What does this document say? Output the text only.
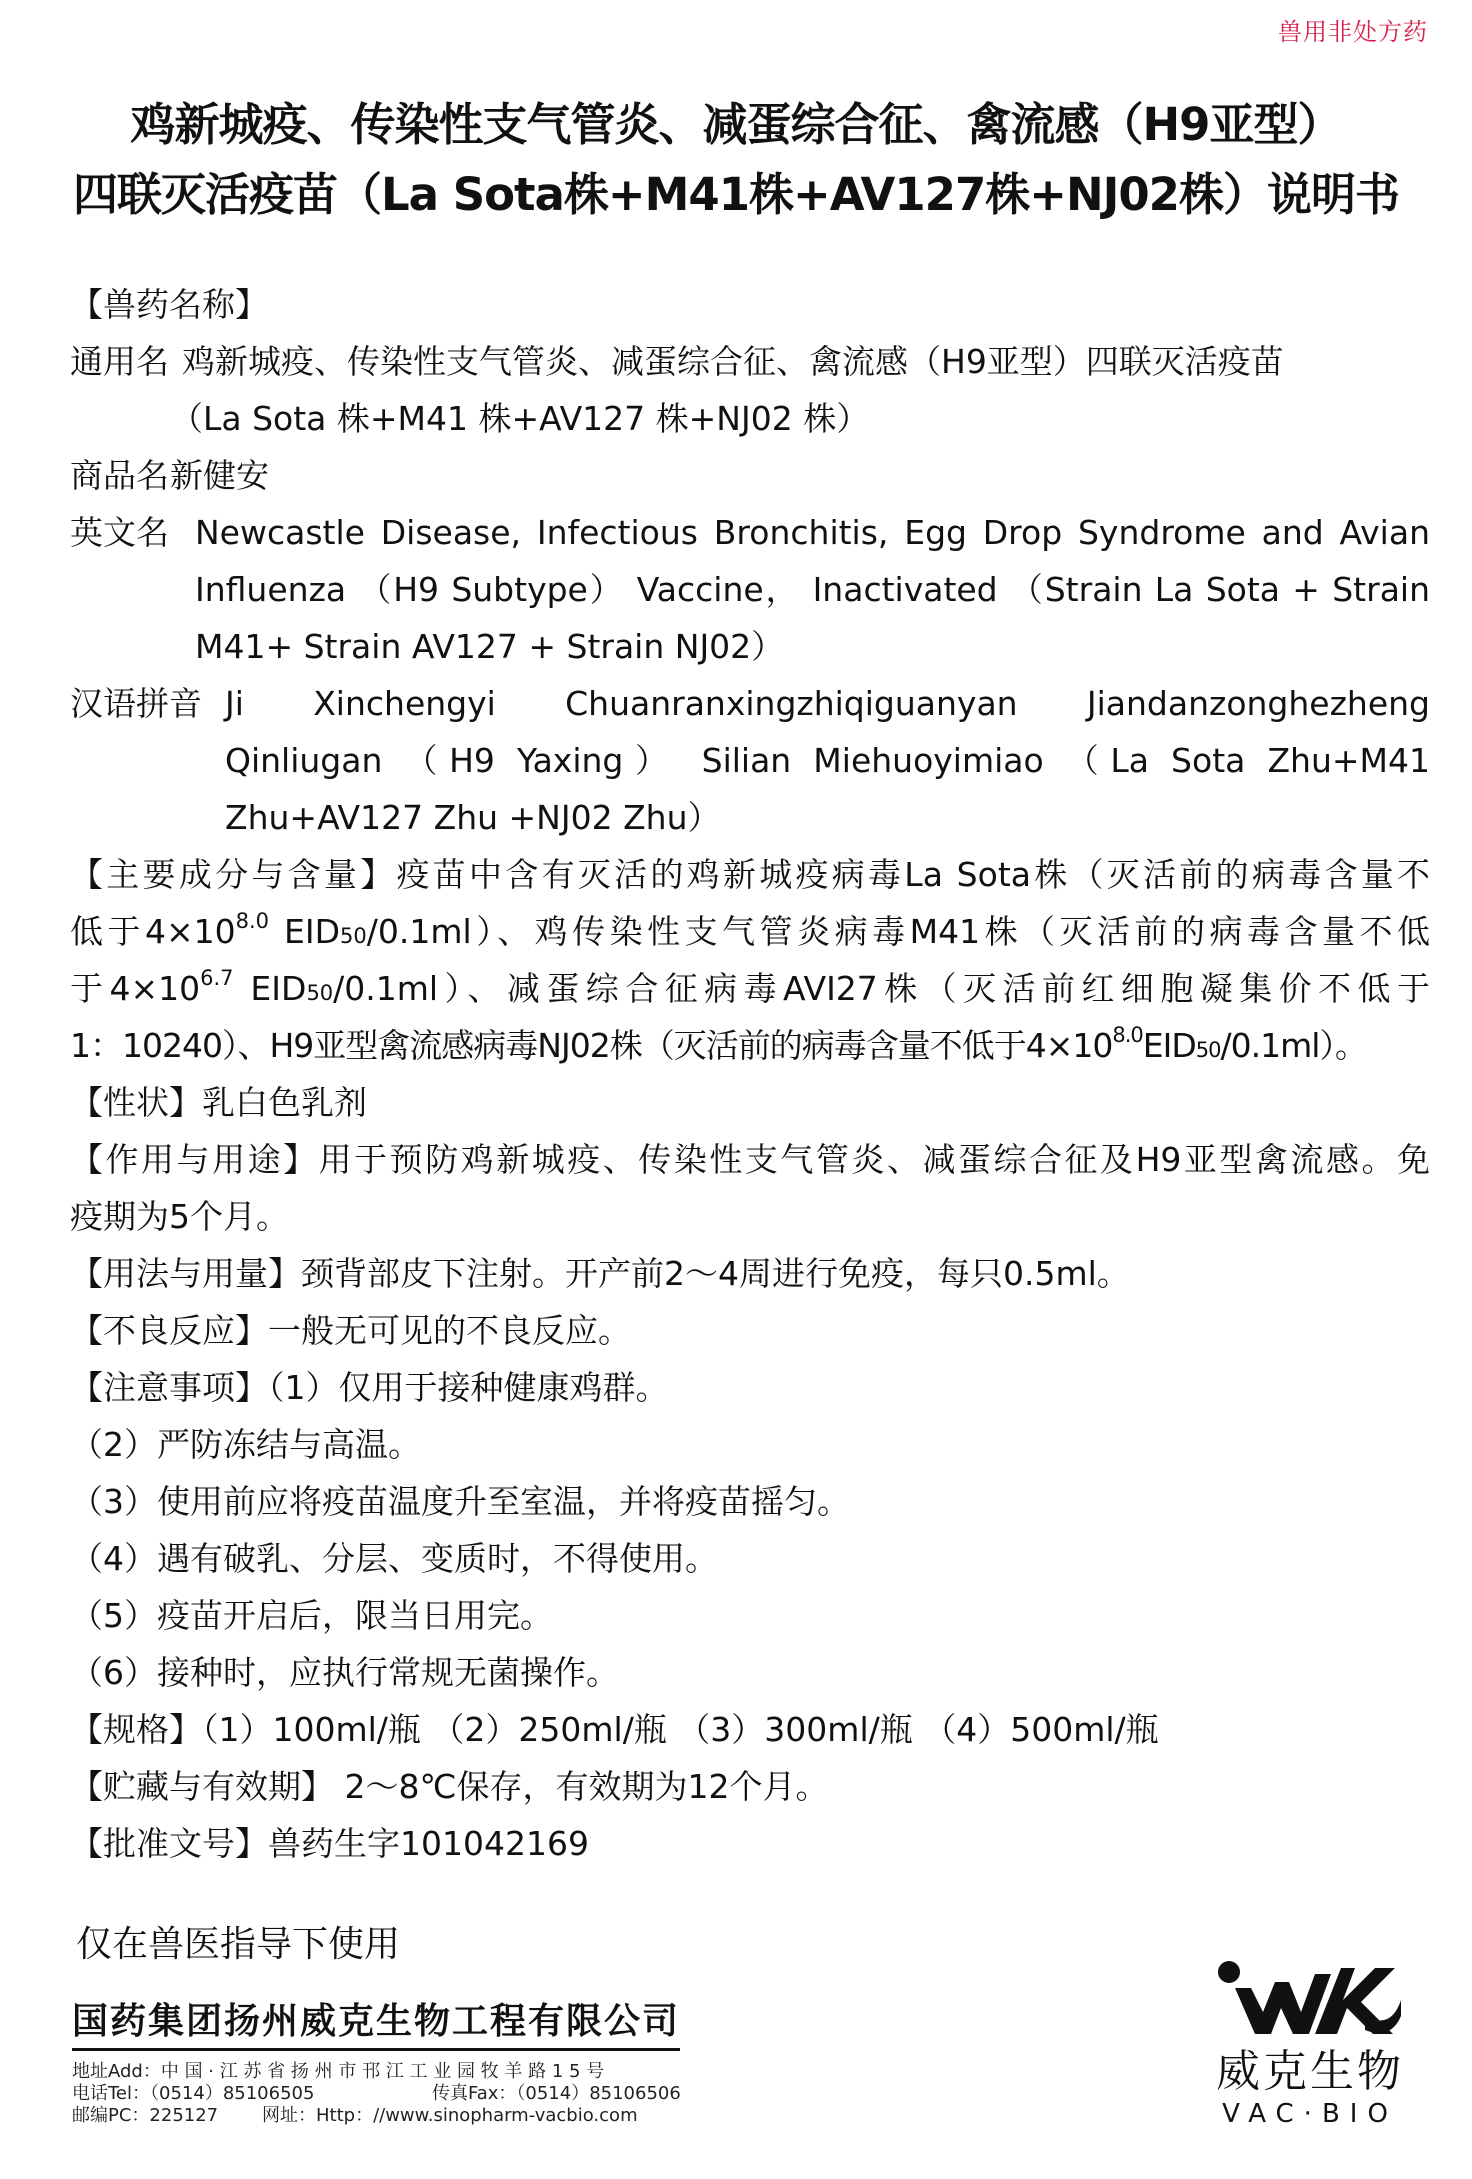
兽用非处方药
鸡新城疫、传染性支气管炎、减蛋综合征、禽流感（H9亚型）
四联灭活疫苗（La Sota株+M41株+AV127株+NJ02株）说明书
【兽药名称】
通用名 鸡新城疫、传染性支气管炎、减蛋综合征、禽流感（H9亚型）四联灭活疫苗
（La Sota 株+M41 株+AV127 株+NJ02 株）
商品名 新健安
英文名 Newcastle Disease, Infectious Bronchitis, Egg Drop Syndrome and Avian
Influenza （H9 Subtype） Vaccine， Inactivated （Strain La Sota + Strain
M41+ Strain AV127 + Strain NJ02）
汉语拼音 Ji Xinchengyi Chuanranxingzhiqiguanyan Jiandanzonghezheng
Qinliugan （H9 Yaxing） Silian Miehuoyimiao （La Sota Zhu+M41
Zhu+AV127 Zhu +NJ02 Zhu）
【主要成分与含量】疫苗中含有灭活的鸡新城疫病毒La Sota株（灭活前的病毒含量不
低于$4\times 10^{8.0}$ EID50/0.1ml）、鸡传染性支气管炎病毒M41株（灭活前的病毒含量不低
于$4\times 10^{6.7}$ EID50/0.1ml）、减蛋综合征病毒AVI27株（灭活前红细胞凝集价不低于
1：10240）、H9亚型禽流感病毒NJ02株（灭活前的病毒含量不低于$4\times 10^{8.0}EID50/0.1ml$）。
【性状】乳白色乳剂
【作用与用途】用于预防鸡新城疫、传染性支气管炎、减蛋综合征及H9亚型禽流感。免
疫期为5个月。
【用法与用量】颈背部皮下注射。开产前2～4周进行免疫，每只0.5ml。
【不良反应】一般无可见的不良反应。
【注意事项】（1）仅用于接种健康鸡群。
（2）严防冻结与高温。
（3）使用前应将疫苗温度升至室温，并将疫苗摇匀。
（4）遇有破乳、分层、变质时，不得使用。
（5）疫苗开启后，限当日用完。
（6）接种时，应执行常规无菌操作。
【规格】（1）100ml/瓶 （2）250ml/瓶 （3）300ml/瓶 （4）500ml/瓶
【贮藏与有效期】 2～8℃保存，有效期为12个月。
【批准文号】兽药生字101042169
仅在兽医指导下使用
国药集团扬州威克生物工程有限公司
地址Add：中 国 · 江 苏 省 扬 州 市 邗 江 工 业 园 牧 羊 路 1 5 号
电话Tel：（0514）85106505	传真Fax：（0514）85106506
邮编PC：225127	网址：Http：//www.sinopharm-vacbio.com
威克生物
VAC·BIO
